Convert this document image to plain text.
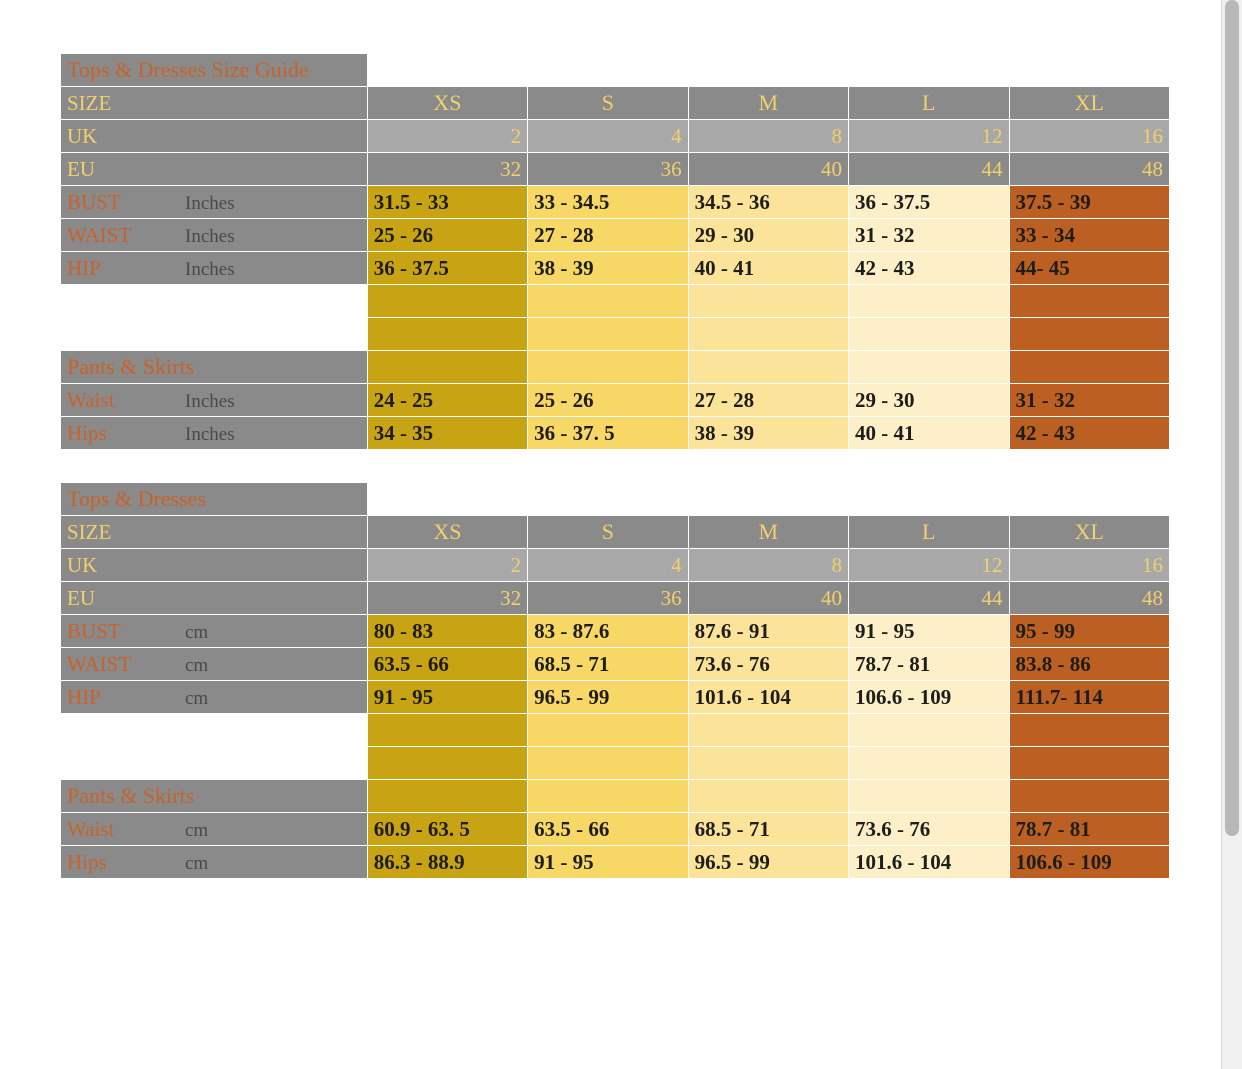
Tops & Dresses Size Guide					
SIZE	XS	S	M	L	XL
UK	2	4	8	12	16
EU	32	36	40	44	48
BUST Inches	31.5 - 33	33 - 34.5	34.5 - 36	36 - 37.5	37.5 - 39
WAIST Inches	25 - 26	27 - 28	29 - 30	31 - 32	33 - 34
HIP Inches	36 - 37.5	38 - 39	40 - 41	42 - 43	44- 45

Pants & Skirts					
Waist Inches	24 - 25	25 - 26	27 - 28	29 - 30	31 - 32
Hips Inches	34 - 35	36 - 37. 5	38 - 39	40 - 41	42 - 43

Tops & Dresses					
SIZE	XS	S	M	L	XL
UK	2	4	8	12	16
EU	32	36	40	44	48
BUST cm	80 - 83	83 - 87.6	87.6 - 91	91 - 95	95 - 99
WAIST cm	63.5 - 66	68.5 - 71	73.6 - 76	78.7 - 81	83.8 - 86
HIP cm	91 - 95	96.5 - 99	101.6 - 104	106.6 - 109	111.7- 114

Pants & Skirts					
Waist cm	60.9 - 63. 5	63.5 - 66	68.5 - 71	73.6 - 76	78.7 - 81
Hips cm	86.3 - 88.9	91 - 95	96.5 - 99	101.6 - 104	106.6 - 109
